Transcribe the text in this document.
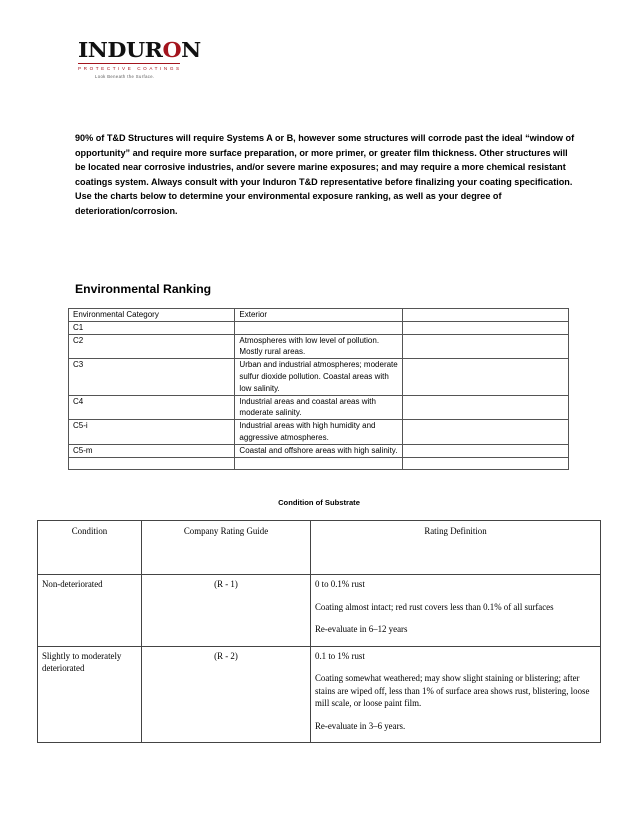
INDURON
PROTECTIVE COATINGS
Look Beneath the Surface.

90% of T&D Structures will require Systems A or B, however some structures will corrode past the ideal “window of opportunity” and require more surface preparation, or more primer, or greater film thickness. Other structures will be located near corrosive industries, and/or severe marine exposures; and may require a more chemical resistant coatings system. Always consult with your Induron T&D representative before finalizing your coating specification. Use the charts below to determine your environmental exposure ranking, as well as your degree of deterioration/corrosion.

Environmental Ranking
Environmental Category	Exterior	
C1		
C2	Atmospheres with low level of pollution. Mostly rural areas.	
C3	Urban and industrial atmospheres; moderate sulfur dioxide pollution. Coastal areas with low salinity.	
C4	Industrial areas and coastal areas with moderate salinity.	
C5-i	Industrial areas with high humidity and aggressive atmospheres.	
C5-m	Coastal and offshore areas with high salinity.	

Condition of Substrate

Condition	Company Rating Guide	Rating Definition
Non-deteriorated	(R - 1)	0 to 0.1% rust

Coating almost intact; red rust covers less than 0.1% of all surfaces

Re-evaluate in 6–12 years

Slightly to moderately deteriorated	(R - 2)	0.1 to 1% rust

Coating somewhat weathered; may show slight staining or blistering; after stains are wiped off, less than 1% of surface area shows rust, blistering, loose mill scale, or loose paint film.

Re-evaluate in 3–6 years.
